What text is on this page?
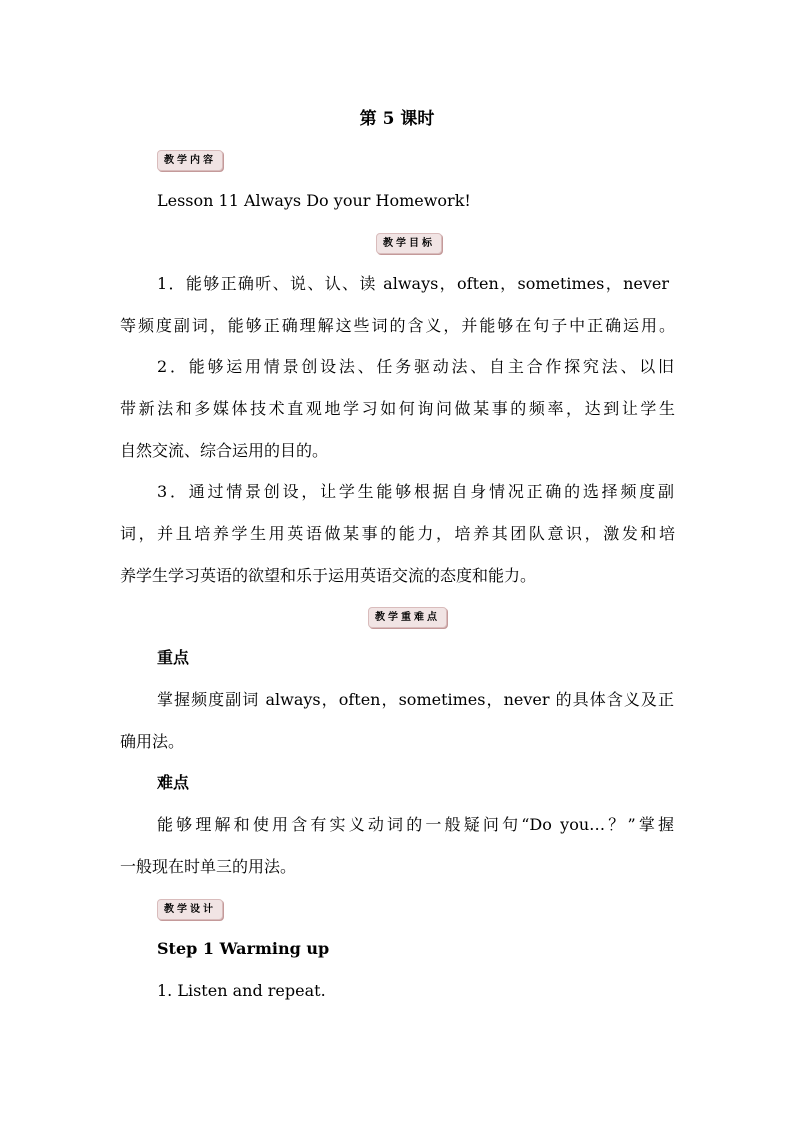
第 5 课时
教学内容
Lesson 11 Always Do your Homework!
教学目标
1．能够正确听、说、认、读 always，often，sometimes，never
等频度副词，能够正确理解这些词的含义，并能够在句子中正确运用。
2．能够运用情景创设法、任务驱动法、自主合作探究法、以旧
带新法和多媒体技术直观地学习如何询问做某事的频率，达到让学生
自然交流、综合运用的目的。
3．通过情景创设，让学生能够根据自身情况正确的选择频度副
词，并且培养学生用英语做某事的能力，培养其团队意识，激发和培
养学生学习英语的欲望和乐于运用英语交流的态度和能力。
教学重难点
重点
掌握频度副词 always，often，sometimes，never 的具体含义及正
确用法。
难点
能够理解和使用含有实义动词的一般疑问句“Do you…？”掌握
一般现在时单三的用法。
教学设计
Step 1 Warming up
1. Listen and repeat.
